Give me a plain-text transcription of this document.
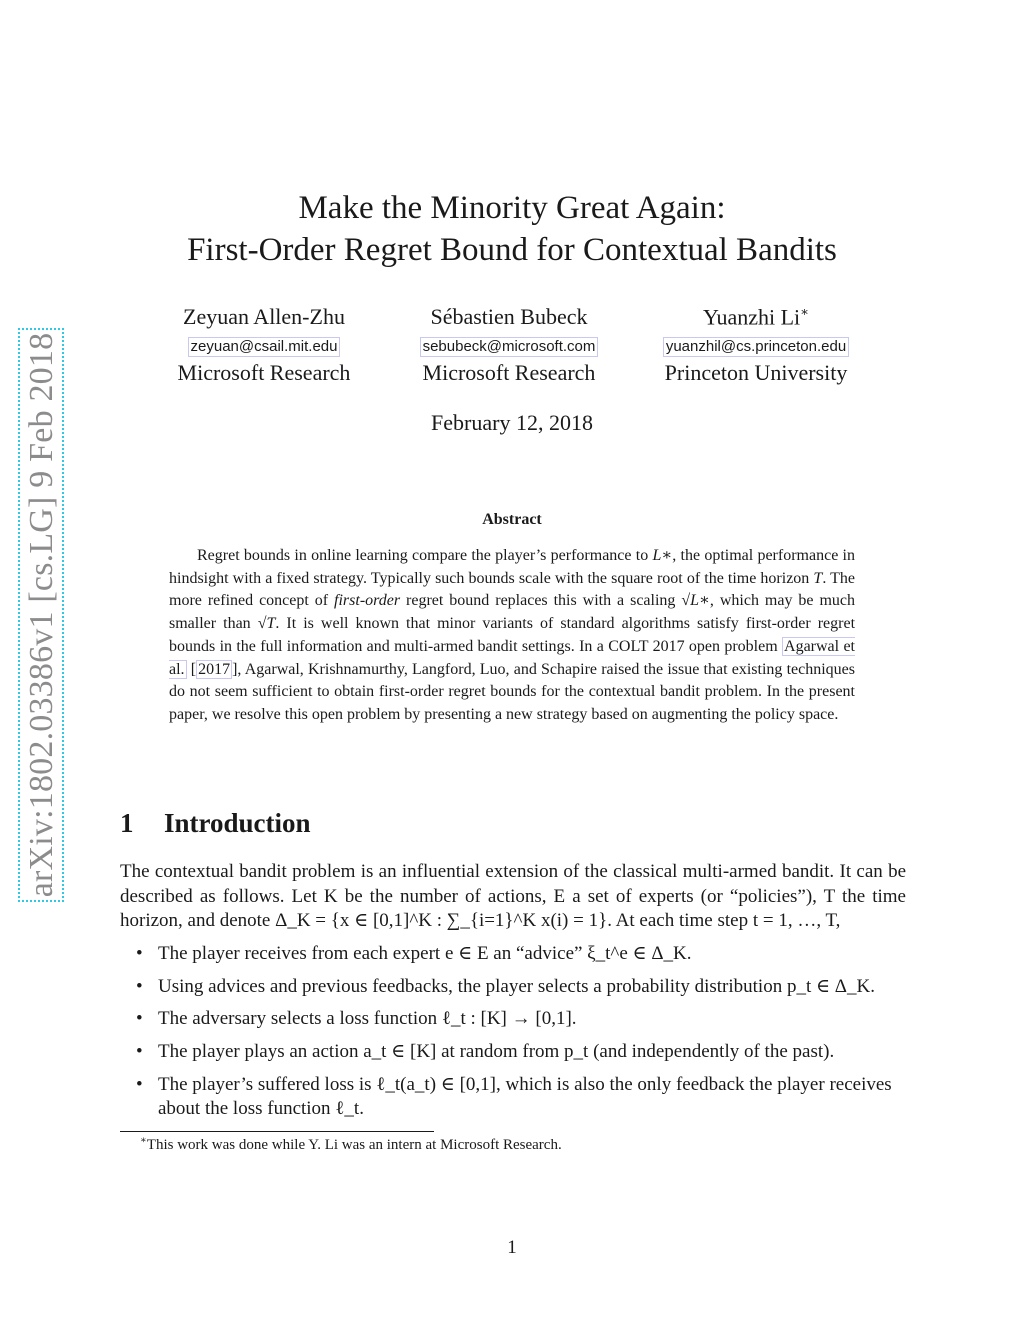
arXiv:1802.03386v1 [cs.LG] 9 Feb 2018
Make the Minority Great Again:
First-Order Regret Bound for Contextual Bandits
Zeyuan Allen-Zhu
zeyuan@csail.mit.edu
Microsoft Research
Sébastien Bubeck
sebubeck@microsoft.com
Microsoft Research
Yuanzhi Li∗
yuanzhil@cs.princeton.edu
Princeton University
February 12, 2018
Abstract
Regret bounds in online learning compare the player’s performance to L∗, the optimal performance in hindsight with a fixed strategy. Typically such bounds scale with the square root of the time horizon T. The more refined concept of first-order regret bound replaces this with a scaling √L∗, which may be much smaller than √T. It is well known that minor variants of standard algorithms satisfy first-order regret bounds in the full information and multi-armed bandit settings. In a COLT 2017 open problem Agarwal et al. [ 2017 ], Agarwal, Krishnamurthy, Langford, Luo, and Schapire raised the issue that existing techniques do not seem sufficient to obtain first-order regret bounds for the contextual bandit problem. In the present paper, we resolve this open problem by presenting a new strategy based on augmenting the policy space.
1 Introduction
The contextual bandit problem is an influential extension of the classical multi-armed bandit. It can be described as follows. Let K be the number of actions, E a set of experts (or “policies”), T the time horizon, and denote Δ_K = {x ∈ [0,1]^K : ∑_{i=1}^K x(i) = 1}. At each time step t = 1, …, T,
• The player receives from each expert e ∈ E an “advice” ξ_t^e ∈ Δ_K.
• Using advices and previous feedbacks, the player selects a probability distribution p_t ∈ Δ_K.
• The adversary selects a loss function ℓ_t : [K] → [0,1].
• The player plays an action a_t ∈ [K] at random from p_t (and independently of the past).
• The player’s suffered loss is ℓ_t(a_t) ∈ [0,1], which is also the only feedback the player receives about the loss function ℓ_t.
∗This work was done while Y. Li was an intern at Microsoft Research.
1
